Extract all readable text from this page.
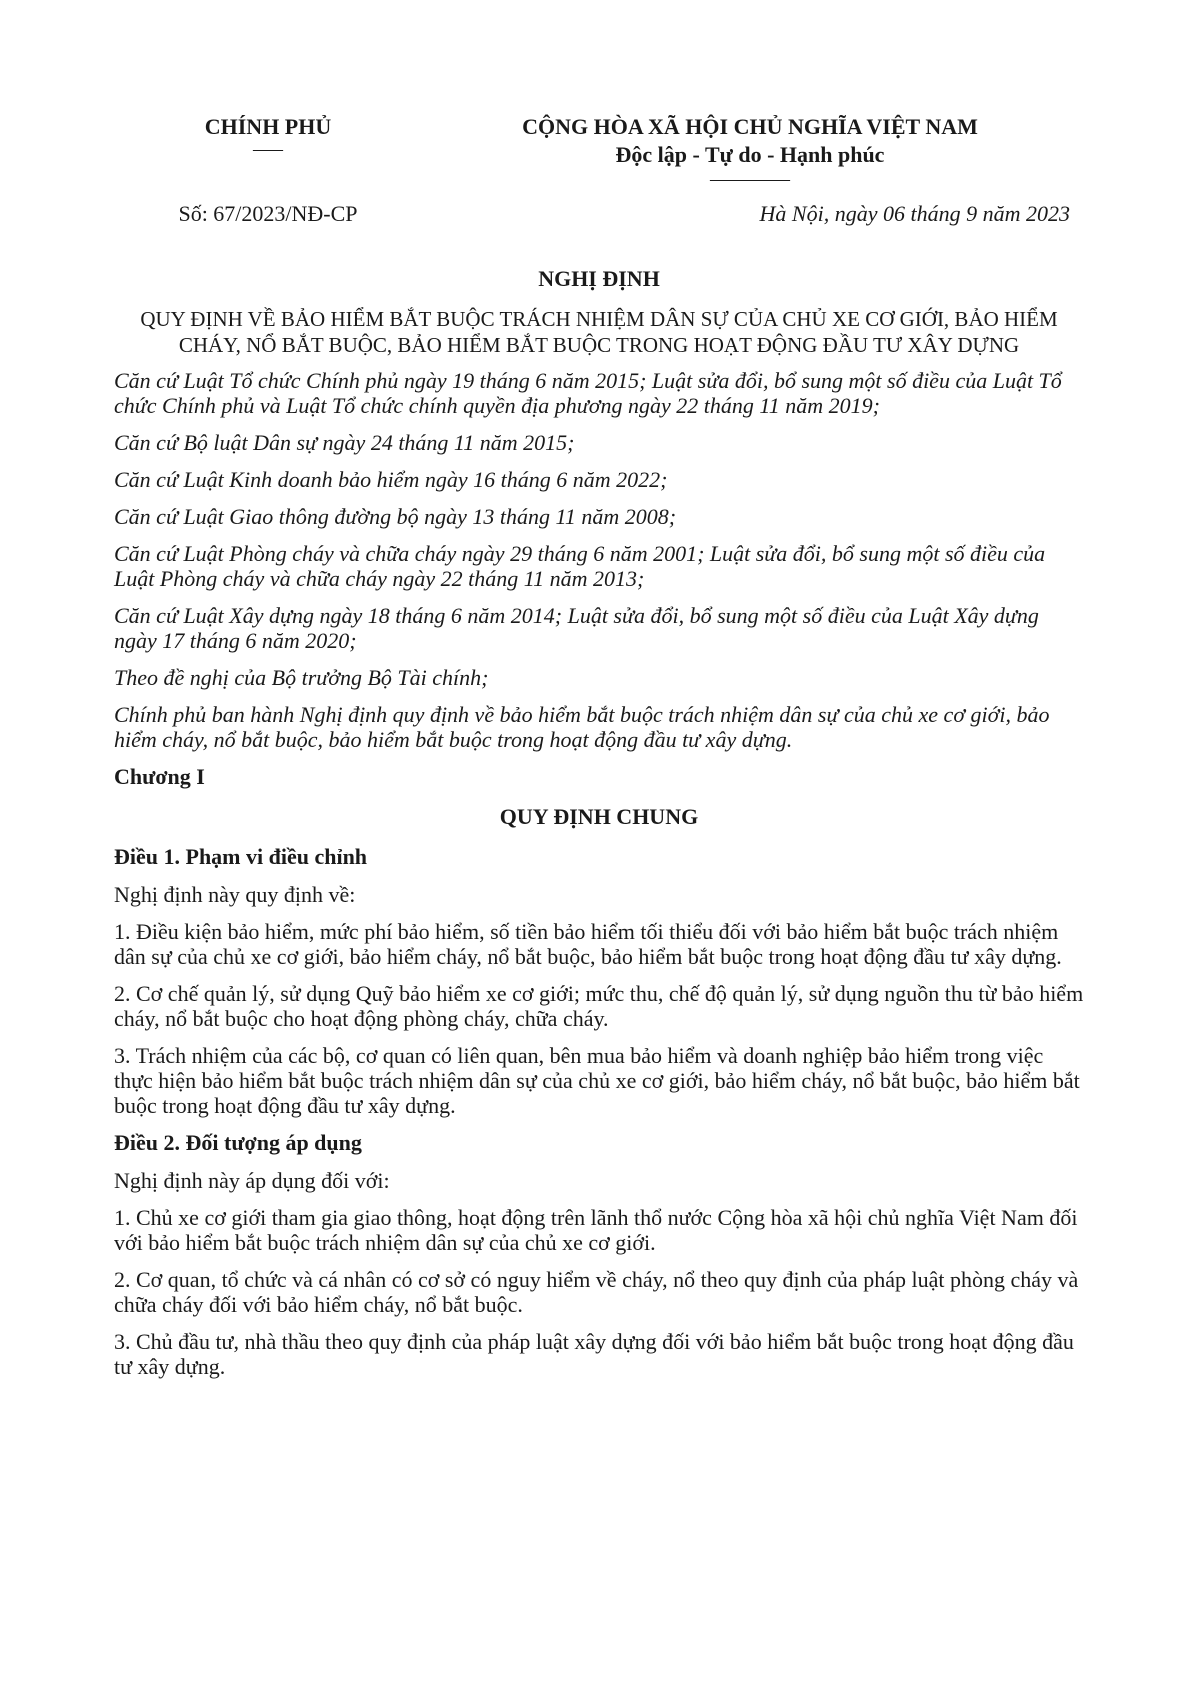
CHÍNH PHỦ
–––
CỘNG HÒA XÃ HỘI CHỦ NGHĨA VIỆT NAM
Độc lập - Tự do - Hạnh phúc
––––––––
Số: 67/2023/NĐ-CP	Hà Nội, ngày 06 tháng 9 năm 2023
NGHỊ ĐỊNH
QUY ĐỊNH VỀ BẢO HIỂM BẮT BUỘC TRÁCH NHIỆM DÂN SỰ CỦA CHỦ XE CƠ GIỚI, BẢO HIỂM CHÁY, NỔ BẮT BUỘC, BẢO HIỂM BẮT BUỘC TRONG HOẠT ĐỘNG ĐẦU TƯ XÂY DỰNG

Căn cứ Luật Tổ chức Chính phủ ngày 19 tháng 6 năm 2015; Luật sửa đổi, bổ sung một số điều của Luật Tổ chức Chính phủ và Luật Tổ chức chính quyền địa phương ngày 22 tháng 11 năm 2019;

Căn cứ Bộ luật Dân sự ngày 24 tháng 11 năm 2015;

Căn cứ Luật Kinh doanh bảo hiểm ngày 16 tháng 6 năm 2022;

Căn cứ Luật Giao thông đường bộ ngày 13 tháng 11 năm 2008;

Căn cứ Luật Phòng cháy và chữa cháy ngày 29 tháng 6 năm 2001; Luật sửa đổi, bổ sung một số điều của Luật Phòng cháy và chữa cháy ngày 22 tháng 11 năm 2013;

Căn cứ Luật Xây dựng ngày 18 tháng 6 năm 2014; Luật sửa đổi, bổ sung một số điều của Luật Xây dựng ngày 17 tháng 6 năm 2020;

Theo đề nghị của Bộ trưởng Bộ Tài chính;

Chính phủ ban hành Nghị định quy định về bảo hiểm bắt buộc trách nhiệm dân sự của chủ xe cơ giới, bảo hiểm cháy, nổ bắt buộc, bảo hiểm bắt buộc trong hoạt động đầu tư xây dựng.

Chương I
QUY ĐỊNH CHUNG
Điều 1. Phạm vi điều chỉnh

Nghị định này quy định về:

1. Điều kiện bảo hiểm, mức phí bảo hiểm, số tiền bảo hiểm tối thiểu đối với bảo hiểm bắt buộc trách nhiệm dân sự của chủ xe cơ giới, bảo hiểm cháy, nổ bắt buộc, bảo hiểm bắt buộc trong hoạt động đầu tư xây dựng.

2. Cơ chế quản lý, sử dụng Quỹ bảo hiểm xe cơ giới; mức thu, chế độ quản lý, sử dụng nguồn thu từ bảo hiểm cháy, nổ bắt buộc cho hoạt động phòng cháy, chữa cháy.

3. Trách nhiệm của các bộ, cơ quan có liên quan, bên mua bảo hiểm và doanh nghiệp bảo hiểm trong việc thực hiện bảo hiểm bắt buộc trách nhiệm dân sự của chủ xe cơ giới, bảo hiểm cháy, nổ bắt buộc, bảo hiểm bắt buộc trong hoạt động đầu tư xây dựng.

Điều 2. Đối tượng áp dụng

Nghị định này áp dụng đối với:

1. Chủ xe cơ giới tham gia giao thông, hoạt động trên lãnh thổ nước Cộng hòa xã hội chủ nghĩa Việt Nam đối với bảo hiểm bắt buộc trách nhiệm dân sự của chủ xe cơ giới.

2. Cơ quan, tổ chức và cá nhân có cơ sở có nguy hiểm về cháy, nổ theo quy định của pháp luật phòng cháy và chữa cháy đối với bảo hiểm cháy, nổ bắt buộc.

3. Chủ đầu tư, nhà thầu theo quy định của pháp luật xây dựng đối với bảo hiểm bắt buộc trong hoạt động đầu tư xây dựng.
